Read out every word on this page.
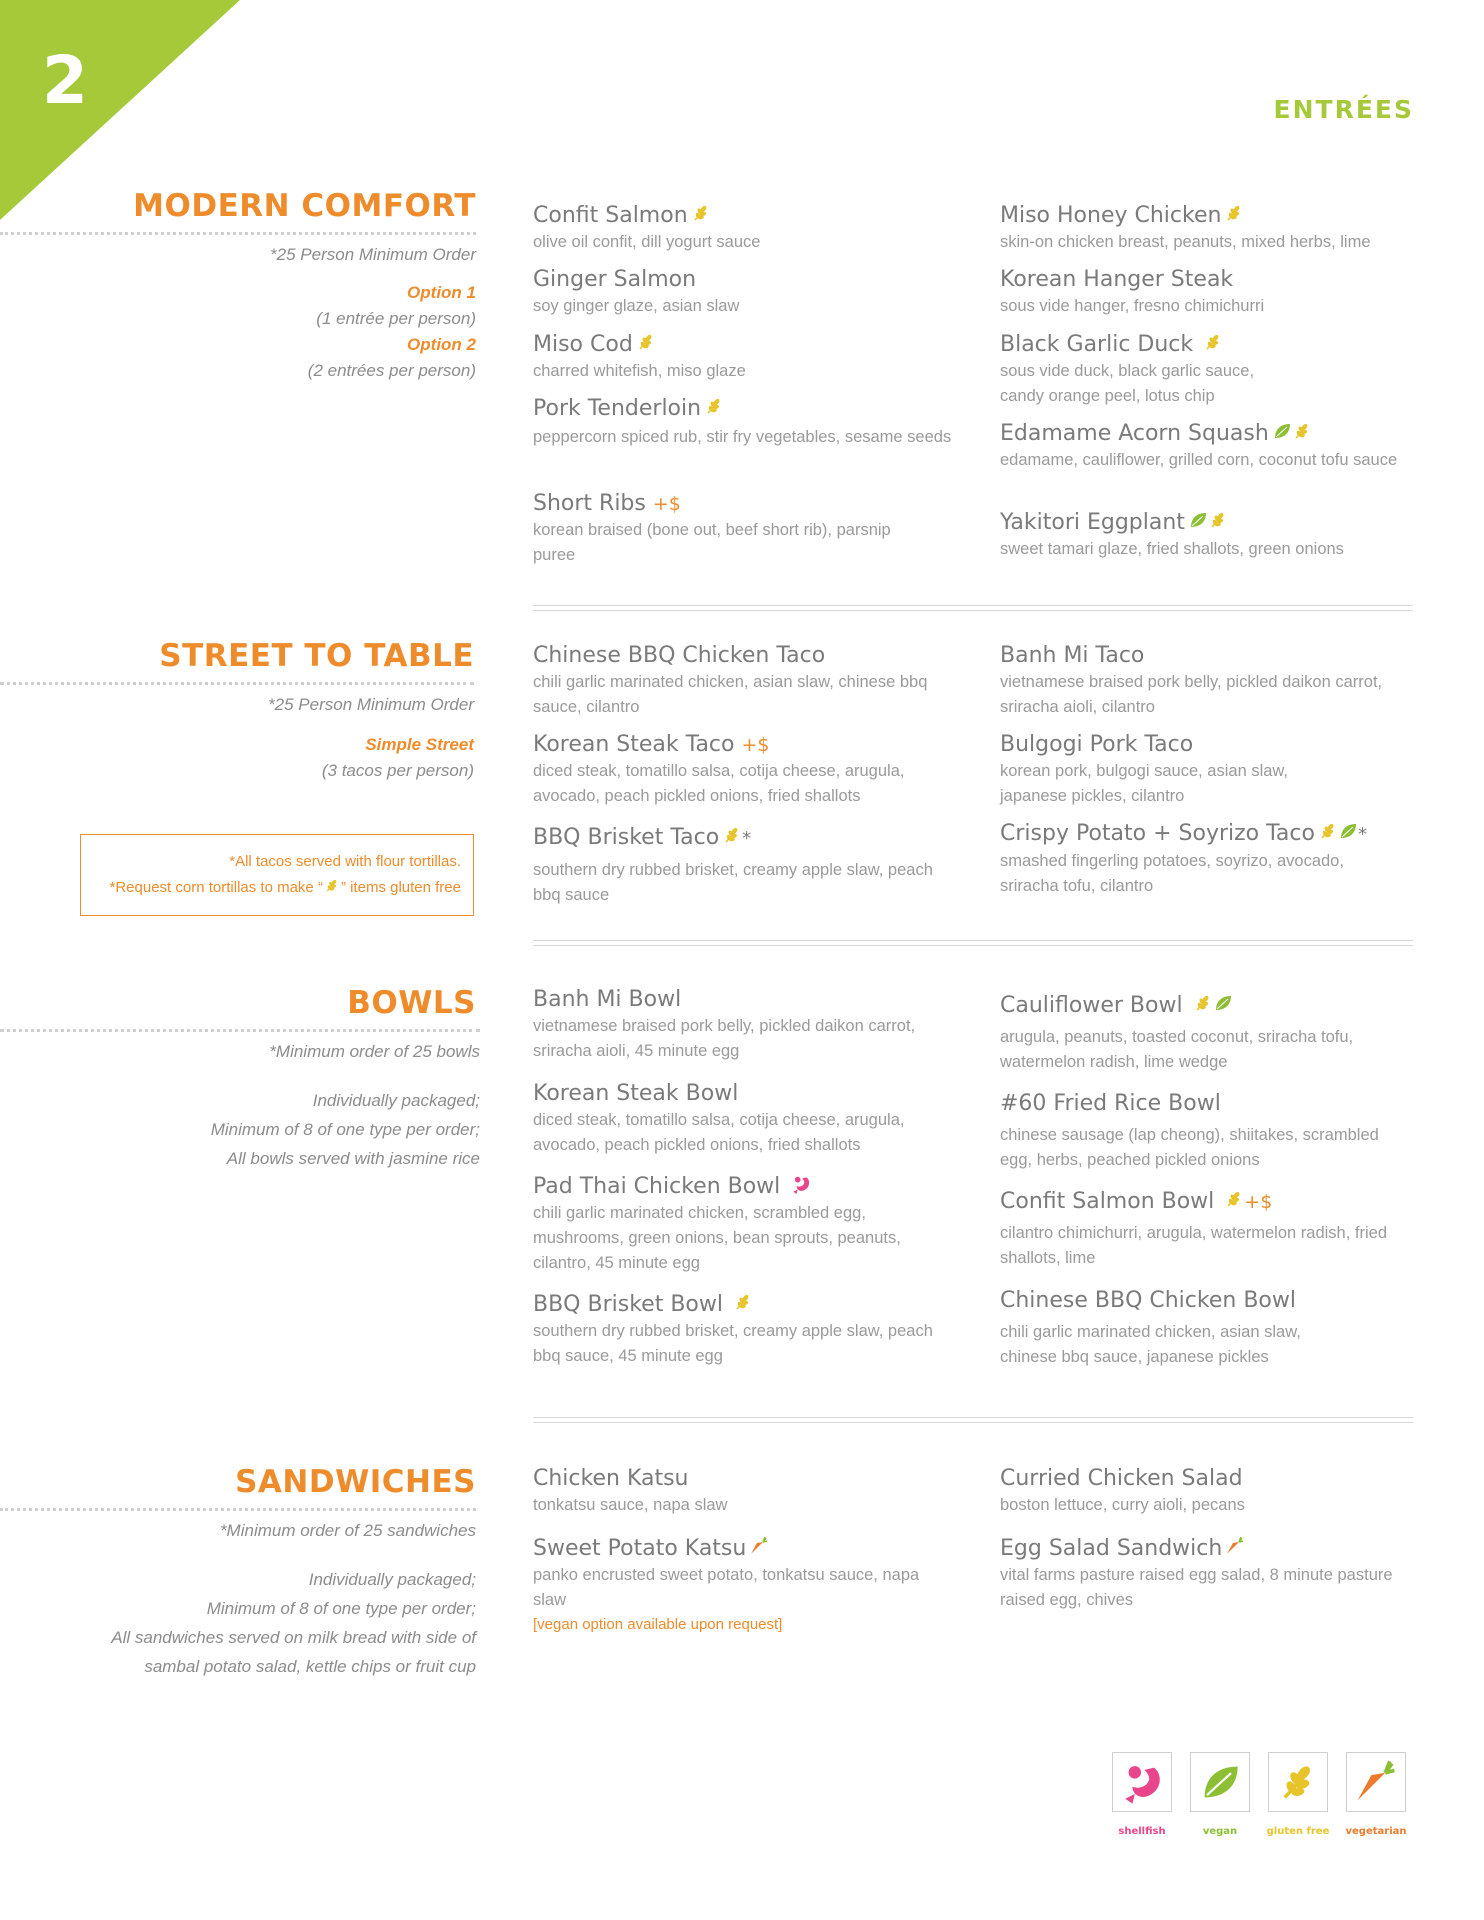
2	ENTRÉES
MODERN COMFORT
*25 Person Minimum Order
Option 1
(1 entrée per person)
Option 2
(2 entrées per person)
Confit Salmon
olive oil confit, dill yogurt sauce
Ginger Salmon
soy ginger glaze, asian slaw
Miso Cod
charred whitefish, miso glaze
Pork Tenderloin
peppercorn spiced rub, stir fry vegetables, sesame seeds
Short Ribs +$
korean braised (bone out, beef short rib), parsnip puree
Miso Honey Chicken
skin-on chicken breast, peanuts, mixed herbs, lime
Korean Hanger Steak
sous vide hanger, fresno chimichurri
Black Garlic Duck
sous vide duck, black garlic sauce, candy orange peel, lotus chip
Edamame Acorn Squash
edamame, cauliflower, grilled corn, coconut tofu sauce
Yakitori Eggplant
sweet tamari glaze, fried shallots, green onions
STREET TO TABLE
*25 Person Minimum Order
Simple Street
(3 tacos per person)
*All tacos served with flour tortillas.
*Request corn tortillas to make “ ” items gluten free
Chinese BBQ Chicken Taco
chili garlic marinated chicken, asian slaw, chinese bbq sauce, cilantro
Korean Steak Taco +$
diced steak, tomatillo salsa, cotija cheese, arugula, avocado, peach pickled onions, fried shallots
BBQ Brisket Taco *
southern dry rubbed brisket, creamy apple slaw, peach bbq sauce
Banh Mi Taco
vietnamese braised pork belly, pickled daikon carrot, sriracha aioli, cilantro
Bulgogi Pork Taco
korean pork, bulgogi sauce, asian slaw, japanese pickles, cilantro
Crispy Potato + Soyrizo Taco *
smashed fingerling potatoes, soyrizo, avocado, sriracha tofu, cilantro
BOWLS
*Minimum order of 25 bowls
Individually packaged;
Minimum of 8 of one type per order;
All bowls served with jasmine rice
Banh Mi Bowl
vietnamese braised pork belly, pickled daikon carrot, sriracha aioli, 45 minute egg
Korean Steak Bowl
diced steak, tomatillo salsa, cotija cheese, arugula, avocado, peach pickled onions, fried shallots
Pad Thai Chicken Bowl
chili garlic marinated chicken, scrambled egg, mushrooms, green onions, bean sprouts, peanuts, cilantro, 45 minute egg
BBQ Brisket Bowl
southern dry rubbed brisket, creamy apple slaw, peach bbq sauce, 45 minute egg
Cauliflower Bowl
arugula, peanuts, toasted coconut, sriracha tofu, watermelon radish, lime wedge
#60 Fried Rice Bowl
chinese sausage (lap cheong), shiitakes, scrambled egg, herbs, peached pickled onions
Confit Salmon Bowl +$
cilantro chimichurri, arugula, watermelon radish, fried shallots, lime
Chinese BBQ Chicken Bowl
chili garlic marinated chicken, asian slaw, chinese bbq sauce, japanese pickles
SANDWICHES
*Minimum order of 25 sandwiches
Individually packaged;
Minimum of 8 of one type per order;
All sandwiches served on milk bread with side of
sambal potato salad, kettle chips or fruit cup
Chicken Katsu
tonkatsu sauce, napa slaw
Sweet Potato Katsu
panko encrusted sweet potato, tonkatsu sauce, napa slaw
[vegan option available upon request]
Curried Chicken Salad
boston lettuce, curry aioli, pecans
Egg Salad Sandwich
vital farms pasture raised egg salad, 8 minute pasture raised egg, chives
shellfish	vegan	gluten free	vegetarian
